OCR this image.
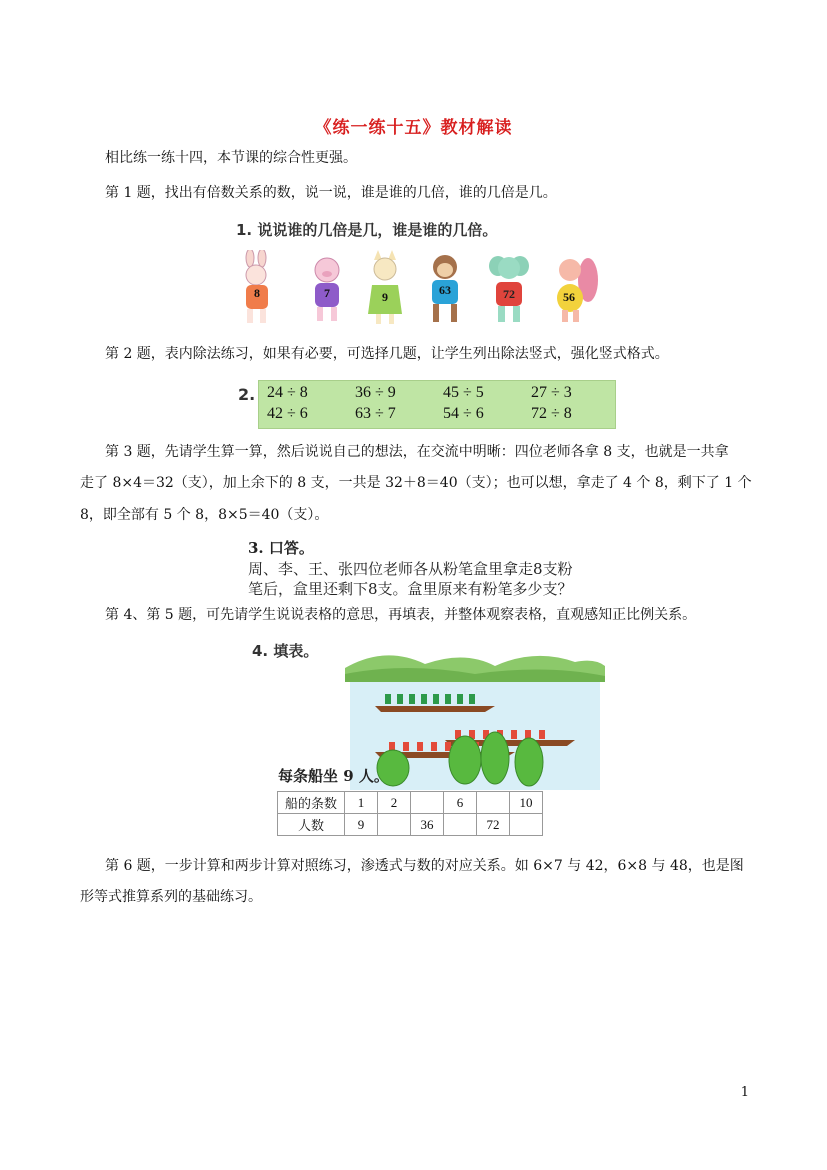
《练一练十五》教材解读
相比练一练十四，本节课的综合性更强。
第 1 题，找出有倍数关系的数，说一说，谁是谁的几倍，谁的几倍是几。
1. 说说谁的几倍是几，谁是谁的几倍。
8	7	9	63	72	56
第 2 题，表内除法练习，如果有必要，可选择几题，让学生列出除法竖式，强化竖式格式。
2. 24 ÷ 8	36 ÷ 9	45 ÷ 5	27 ÷ 3
42 ÷ 6	63 ÷ 7	54 ÷ 6	72 ÷ 8
第 3 题，先请学生算一算，然后说说自己的想法，在交流中明晰：四位老师各拿 8 支，也就是一共拿
走了 8×4＝32（支），加上余下的 8 支，一共是 32＋8＝40（支）；也可以想，拿走了 4 个 8，剩下了 1 个
8，即全部有 5 个 8，8×5＝40（支）。
3. 口答。
周、李、王、张四位老师各从粉笔盒里拿走8支粉
笔后，盒里还剩下8支。盒里原来有粉笔多少支？
第 4、第 5 题，可先请学生说说表格的意思，再填表，并整体观察表格，直观感知正比例关系。
4. 填表。
每条船坐 9 人。
船的条数	1	2		6		10
人数	9		36		72	
第 6 题，一步计算和两步计算对照练习，渗透式与数的对应关系。如 6×7 与 42，6×8 与 48，也是图
形等式推算系列的基础练习。
1
